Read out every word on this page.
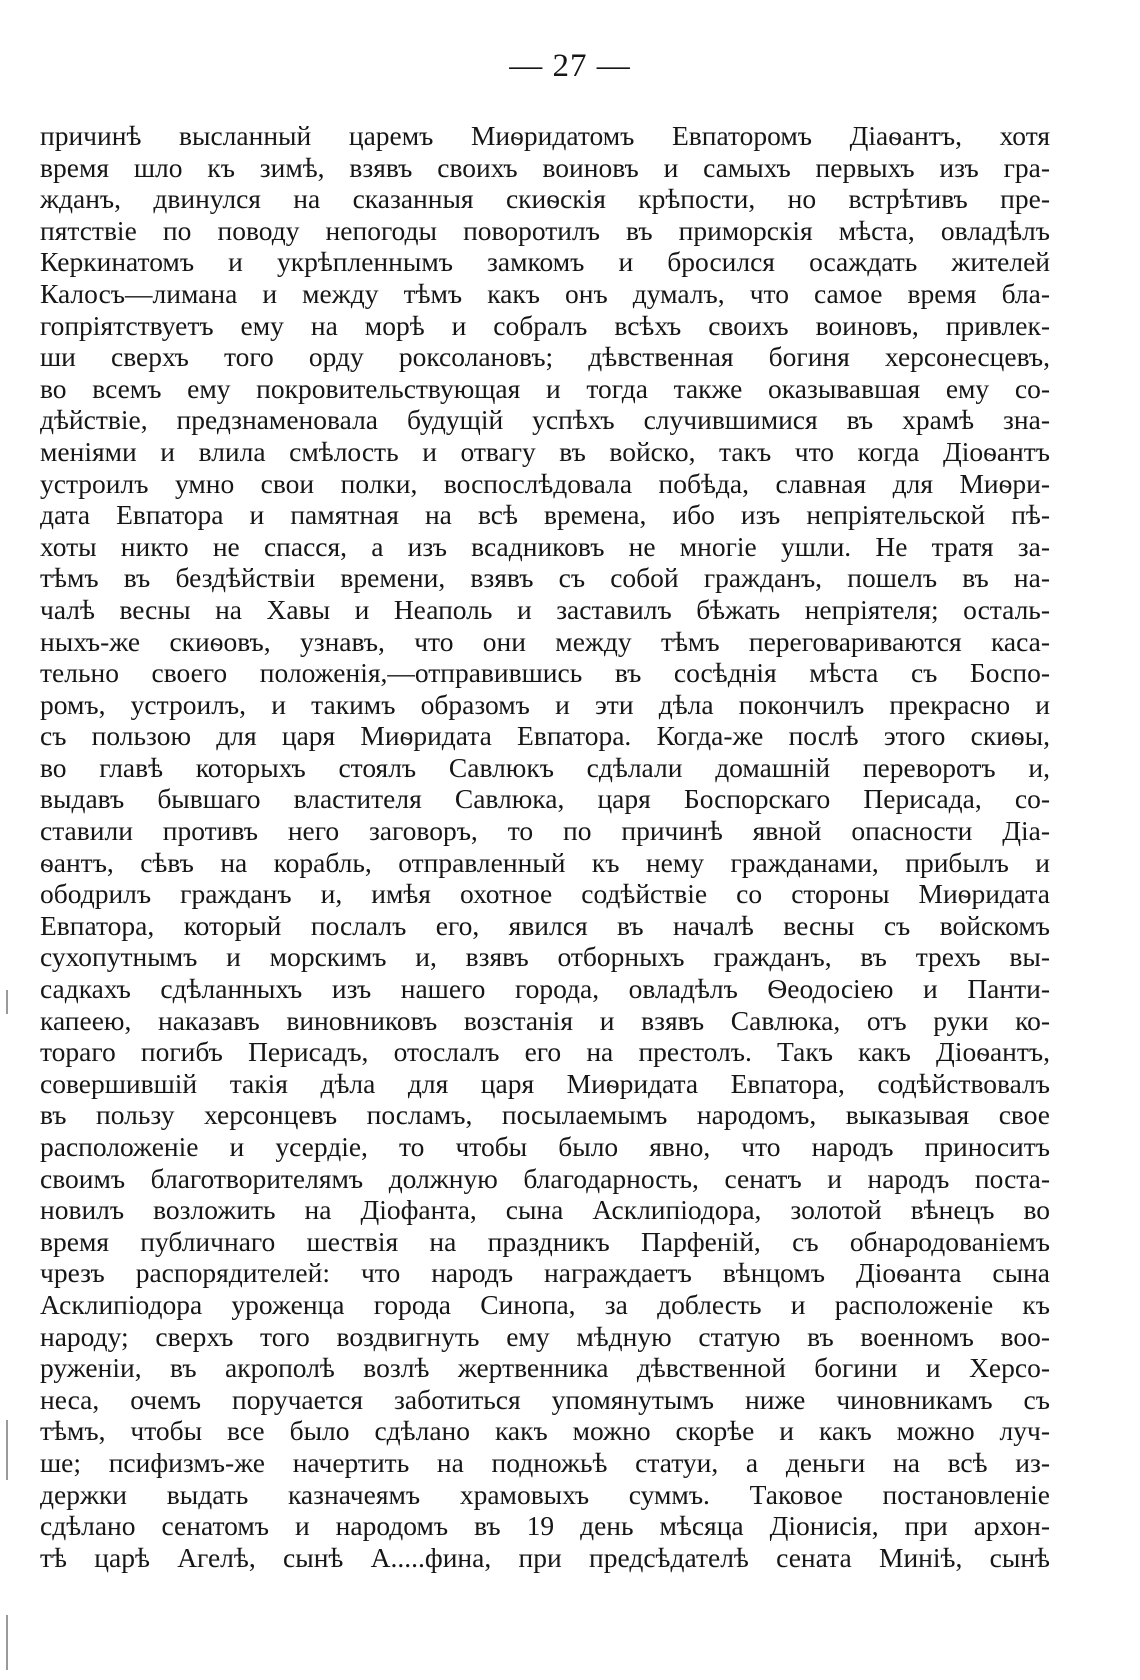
— 27 —
причинѣ высланный царемъ Миѳридатомъ Евпаторомъ Діаѳантъ, хотя
время шло къ зимѣ, взявъ своихъ воиновъ и самыхъ первыхъ изъ гра-
жданъ, двинулся на сказанныя скиѳскія крѣпости, но встрѣтивъ пре-
пятствіе по поводу непогоды поворотилъ въ приморскія мѣста, овладѣлъ
Керкинатомъ и укрѣпленнымъ замкомъ и бросился осаждать жителей
Калосъ—лимана и между тѣмъ какъ онъ думалъ, что самое время бла-
гопріятствуетъ ему на морѣ и собралъ всѣхъ своихъ воиновъ, привлек-
ши сверхъ того орду роксолановъ; дѣвственная богиня херсонесцевъ,
во всемъ ему покровительствующая и тогда также оказывавшая ему со-
дѣйствіе, предзнаменовала будущій успѣхъ случившимися въ храмѣ зна-
меніями и влила смѣлость и отвагу въ войско, такъ что когда Діоѳантъ
устроилъ умно свои полки, воспослѣдовала побѣда, славная для Миѳри-
дата Евпатора и памятная на всѣ времена, ибо изъ непріятельской пѣ-
хоты никто не спасся, а изъ всадниковъ не многіе ушли. Не тратя за-
тѣмъ въ бездѣйствіи времени, взявъ съ собой гражданъ, пошелъ въ на-
чалѣ весны на Хавы и Неаполь и заставилъ бѣжать непріятеля; осталь-
ныхъ-же скиѳовъ, узнавъ, что они между тѣмъ переговариваются каса-
тельно своего положенія,—отправившись въ сосѣднія мѣста съ Боспо-
ромъ, устроилъ, и такимъ образомъ и эти дѣла покончилъ прекрасно и
съ пользою для царя Миѳридата Евпатора. Когда-же послѣ этого скиѳы,
во главѣ которыхъ стоялъ Савлюкъ сдѣлали домашній переворотъ и,
выдавъ бывшаго властителя Савлюка, царя Боспорскаго Перисада, со-
ставили противъ него заговоръ, то по причинѣ явной опасности Діа-
ѳантъ, сѣвъ на корабль, отправленный къ нему гражданами, прибылъ и
ободрилъ гражданъ и, имѣя охотное содѣйствіе со стороны Миѳридата
Евпатора, который послалъ его, явился въ началѣ весны съ войскомъ
сухопутнымъ и морскимъ и, взявъ отборныхъ гражданъ, въ трехъ вы-
садкахъ сдѣланныхъ изъ нашего города, овладѣлъ Ѳеодосіею и Панти-
капеею, наказавъ виновниковъ возстанія и взявъ Савлюка, отъ руки ко-
тораго погибъ Перисадъ, отослалъ его на престолъ. Такъ какъ Діоѳантъ,
совершившій такія дѣла для царя Миѳридата Евпатора, содѣйствовалъ
въ пользу херсонцевъ посламъ, посылаемымъ народомъ, выказывая свое
расположеніе и усердіе, то чтобы было явно, что народъ приноситъ
своимъ благотворителямъ должную благодарность, сенатъ и народъ поста-
новилъ возложить на Діофанта, сына Асклипіодора, золотой вѣнецъ во
время публичнаго шествія на праздникъ Парфеній, съ обнародованіемъ
чрезъ распорядителей: что народъ награждаетъ вѣнцомъ Діоѳанта сына
Асклипіодора уроженца города Синопа, за доблесть и расположеніе къ
народу; сверхъ того воздвигнуть ему мѣдную статую въ военномъ воо-
руженіи, въ акрополѣ возлѣ жертвенника дѣвственной богини и Херсо-
неса, очемъ поручается заботиться упомянутымъ ниже чиновникамъ съ
тѣмъ, чтобы все было сдѣлано какъ можно скорѣе и какъ можно луч-
ше; псифизмъ-же начертить на подножьѣ статуи, а деньги на всѣ из-
держки выдать казначеямъ храмовыхъ суммъ. Таковое постановленіе
сдѣлано сенатомъ и народомъ въ 19 день мѣсяца Діонисія, при архон-
тѣ царѣ Агелѣ, сынѣ А.....фина, при предсѣдателѣ сената Минiѣ, сынѣ
